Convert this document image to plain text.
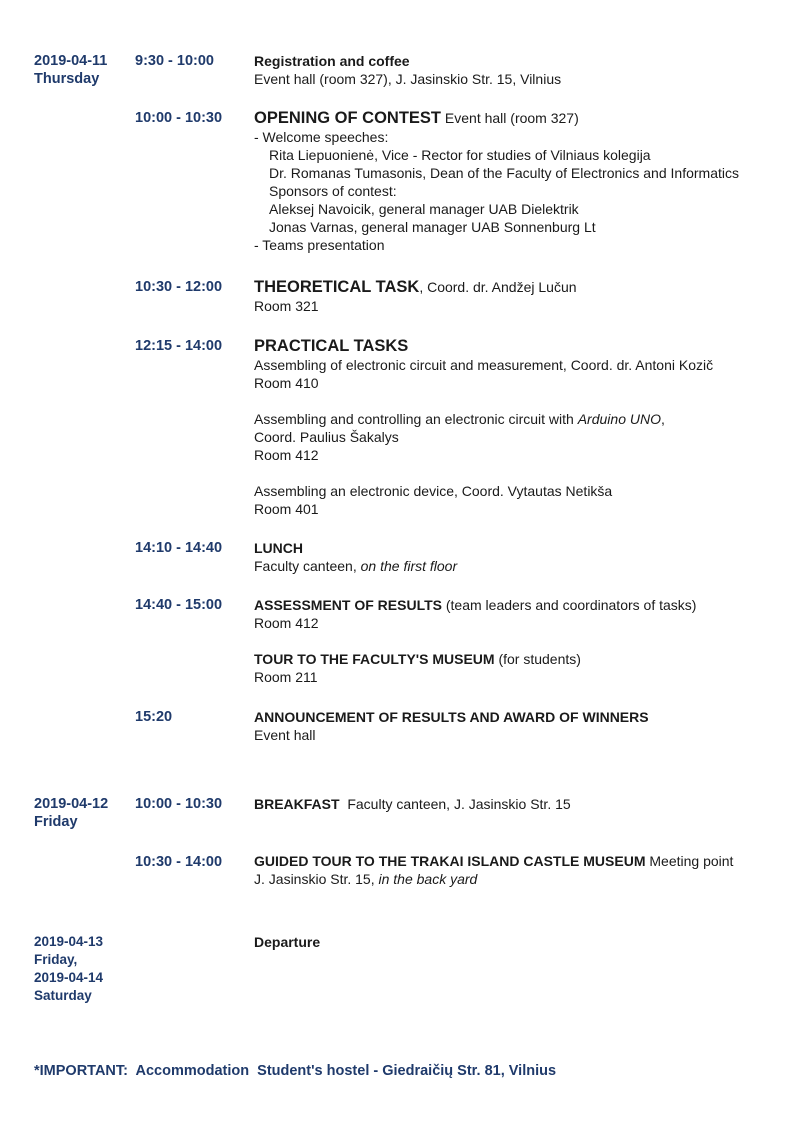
2019-04-11
Thursday
9:30 - 10:00	Registration and coffee
Event hall (room 327), J. Jasinskio Str. 15, Vilnius
10:00 - 10:30 OPENING OF CONTEST Event hall (room 327)
- Welcome speeches:
Rita Liepuonienė, Vice - Rector for studies of Vilniaus kolegija
Dr. Romanas Tumasonis, Dean of the Faculty of Electronics and Informatics
Sponsors of contest:
Aleksej Navoicik, general manager UAB Dielektrik
Jonas Varnas, general manager UAB Sonnenburg Lt
- Teams presentation
10:30 - 12:00 THEORETICAL TASK, Coord. dr. Andžej Lučun
Room 321
12:15 - 14:00 PRACTICAL TASKS
Assembling of electronic circuit and measurement, Coord. dr. Antoni Kozič
Room 410
Assembling and controlling an electronic circuit with Arduino UNO,
Coord. Paulius Šakalys
Room 412
Assembling an electronic device, Coord. Vytautas Netikša
Room 401
14:10 - 14:40 LUNCH
Faculty canteen, on the first floor
14:40 - 15:00 ASSESSMENT OF RESULTS (team leaders and coordinators of tasks)
Room 412
TOUR TO THE FACULTY'S MUSEUM (for students)
Room 211
15:20	ANNOUNCEMENT OF RESULTS AND AWARD OF WINNERS
Event hall
2019-04-12
Friday
10:00 - 10:30 BREAKFAST  Faculty canteen, J. Jasinskio Str. 15
10:30 - 14:00 GUIDED TOUR TO THE TRAKAI ISLAND CASTLE MUSEUM Meeting point
J. Jasinskio Str. 15, in the back yard
2019-04-13
Friday,
2019-04-14
Saturday
Departure
*IMPORTANT:  Accommodation  Student's hostel - Giedraičių Str. 81, Vilnius
